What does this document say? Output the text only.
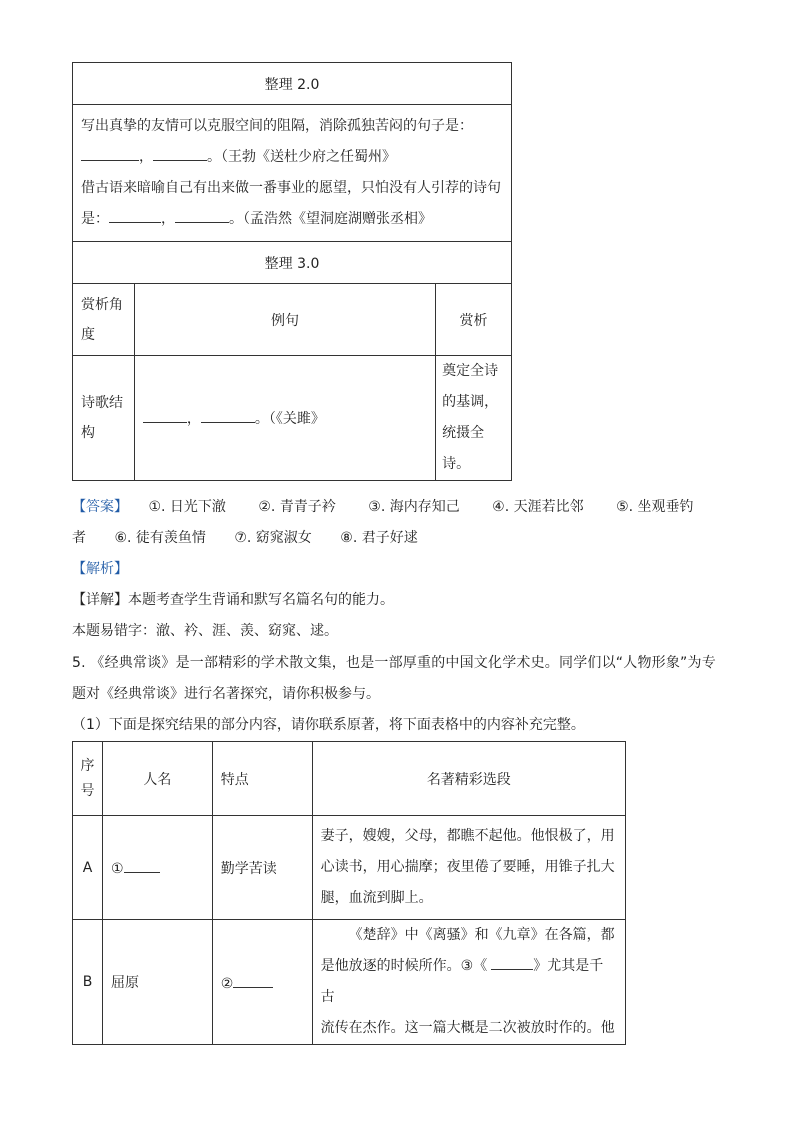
整理 2.0		

写出真挚的友情可以克服空间的阻隔，消除孤独苦闷的句子是：
， 。（王勃《送杜少府之任蜀州》
借古语来暗喻自己有出来做一番事业的愿望，只怕没有人引荐的诗句
是： ， 。（孟浩然《望洞庭湖赠张丞相》		

整理 3.0		
赏析角度	例句	赏析
诗歌结构	， 。（《关雎》	奠定全诗的基调，统摄全诗。
【答案】 ①. 日光下澈 ②. 青青子衿 ③. 海内存知己 ④. 天涯若比邻 ⑤. 坐观垂钓
者 ⑥. 徒有羡鱼情 ⑦. 窈窕淑女 ⑧. 君子好逑
【解析】
【详解】本题考查学生背诵和默写名篇名句的能力。
本题易错字：澈、衿、涯、羡、窈窕、逑。
5. 《经典常谈》是一部精彩的学术散文集，也是一部厚重的中国文化学术史。同学们以“人物形象”为专
题对《经典常谈》进行名著探究，请你积极参与。
（1）下面是探究结果的部分内容，请你联系原著，将下面表格中的内容补充完整。
序号	人名	特点	名著精彩选段
A	①	勤学苦读	妻子，嫂嫂，父母，都瞧不起他。他恨极了，用
心读书，用心揣摩；夜里倦了要睡，用锥子扎大
腿，血流到脚上。

B	屈原	②	《楚辞》中《离骚》和《九章》在各篇，都
是他放逐的时候所作。③《 》尤其是千古
流传在杰作。这一篇大概是二次被放时作的。他
